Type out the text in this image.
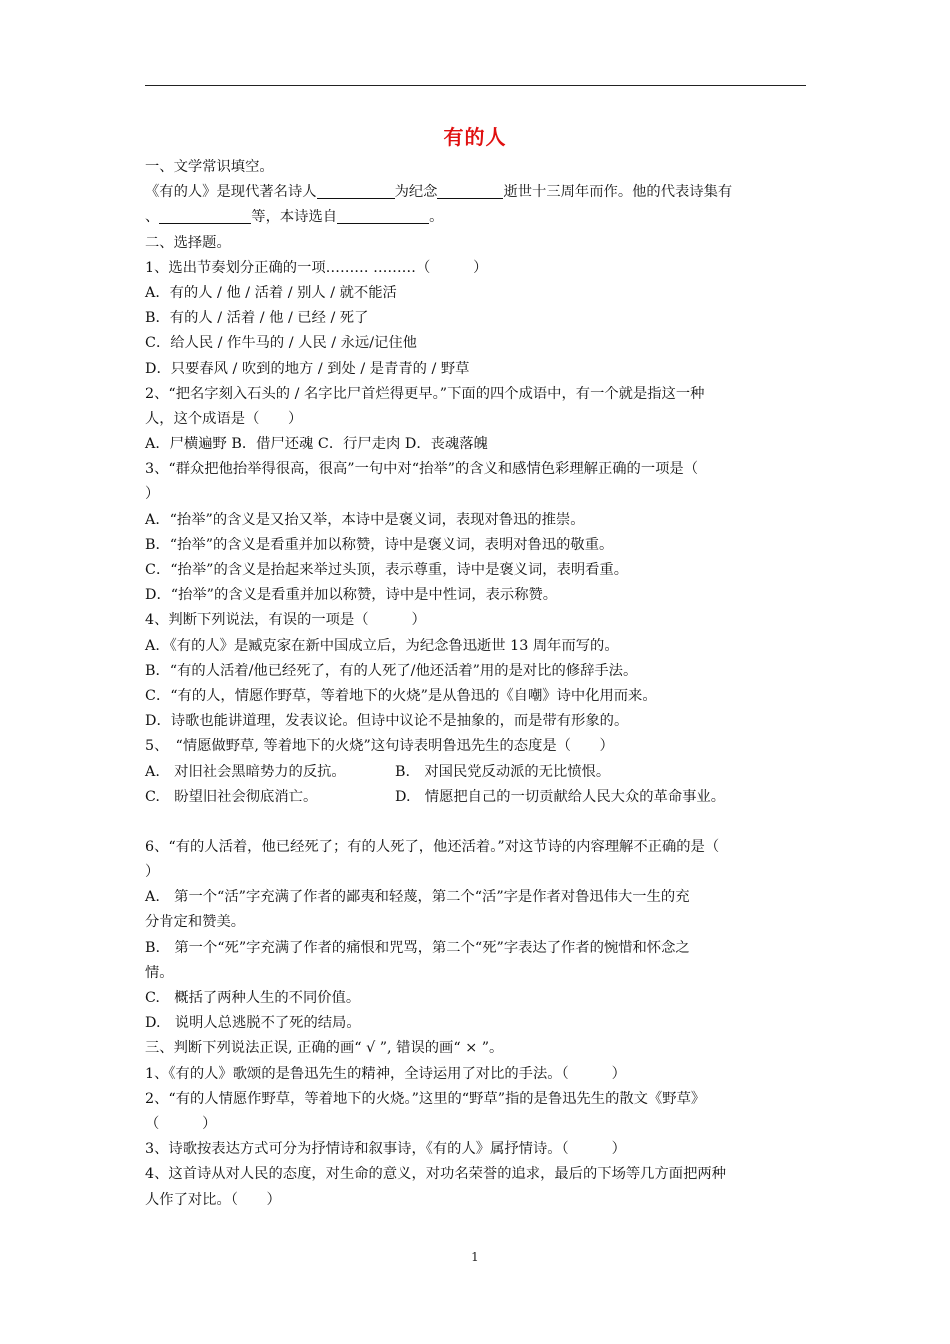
有的人
一、文学常识填空。
《有的人》是现代著名诗人	为纪念	逝世十三周年而作。他的代表诗集有
、	等，本诗选自	。
二、选择题。
1、选出节奏划分正确的一项……… ………（　　　）
A．有的人 / 他 / 活着 / 别人 / 就不能活
B．有的人 / 活着 / 他 / 已经 / 死了
C．给人民 / 作牛马的 / 人民 / 永远/记住他
D．只要春风 / 吹到的地方 / 到处 / 是青青的 / 野草
2、“把名字刻入石头的 / 名字比尸首烂得更早。”下面的四个成语中，有一个就是指这一种
人，这个成语是（　　）
A．尸横遍野 B．借尸还魂 C．行尸走肉 D．丧魂落魄
3、“群众把他抬举得很高，很高”一句中对“抬举”的含义和感情色彩理解正确的一项是（
）
A．“抬举”的含义是又抬又举，本诗中是褒义词，表现对鲁迅的推崇。
B．“抬举”的含义是看重并加以称赞，诗中是褒义词，表明对鲁迅的敬重。
C．“抬举”的含义是抬起来举过头顶，表示尊重，诗中是褒义词，表明看重。
D．“抬举”的含义是看重并加以称赞，诗中是中性词，表示称赞。
4、判断下列说法，有误的一项是（　　　）
A．《有的人》是臧克家在新中国成立后，为纪念鲁迅逝世 13 周年而写的。
B．“有的人活着/他已经死了，有的人死了/他还活着”用的是对比的修辞手法。
C．“有的人，情愿作野草，等着地下的火烧”是从鲁迅的《自嘲》诗中化用而来。
D．诗歌也能讲道理，发表议论。但诗中议论不是抽象的，而是带有形象的。
5、　“情愿做野草, 等着地下的火烧”这句诗表明鲁迅先生的态度是（　　）
A.　对旧社会黑暗势力的反抗。	B.　对国民党反动派的无比愤恨。
C.　盼望旧社会彻底消亡。	D.　情愿把自己的一切贡献给人民大众的革命事业。
6、“有的人活着，他已经死了；有的人死了，他还活着。”对这节诗的内容理解不正确的是（
）
A.　第一个“活”字充满了作者的鄙夷和轻蔑，第二个“活”字是作者对鲁迅伟大一生的充
分肯定和赞美。
B.　第一个“死”字充满了作者的痛恨和咒骂，第二个“死”字表达了作者的惋惜和怀念之
情。
C.　概括了两种人生的不同价值。
D.　说明人总逃脱不了死的结局。
三、判断下列说法正误, 正确的画“ √ ”, 错误的画“ × ”。
1、《有的人》歌颂的是鲁迅先生的精神，全诗运用了对比的手法。（　　　）
2、“有的人情愿作野草，等着地下的火烧。”这里的“野草”指的是鲁迅先生的散文《野草》
（　　　）
3、诗歌按表达方式可分为抒情诗和叙事诗，《有的人》属抒情诗。（　　　）
4、这首诗从对人民的态度，对生命的意义，对功名荣誉的追求，最后的下场等几方面把两种
人作了对比。（　　）
1
